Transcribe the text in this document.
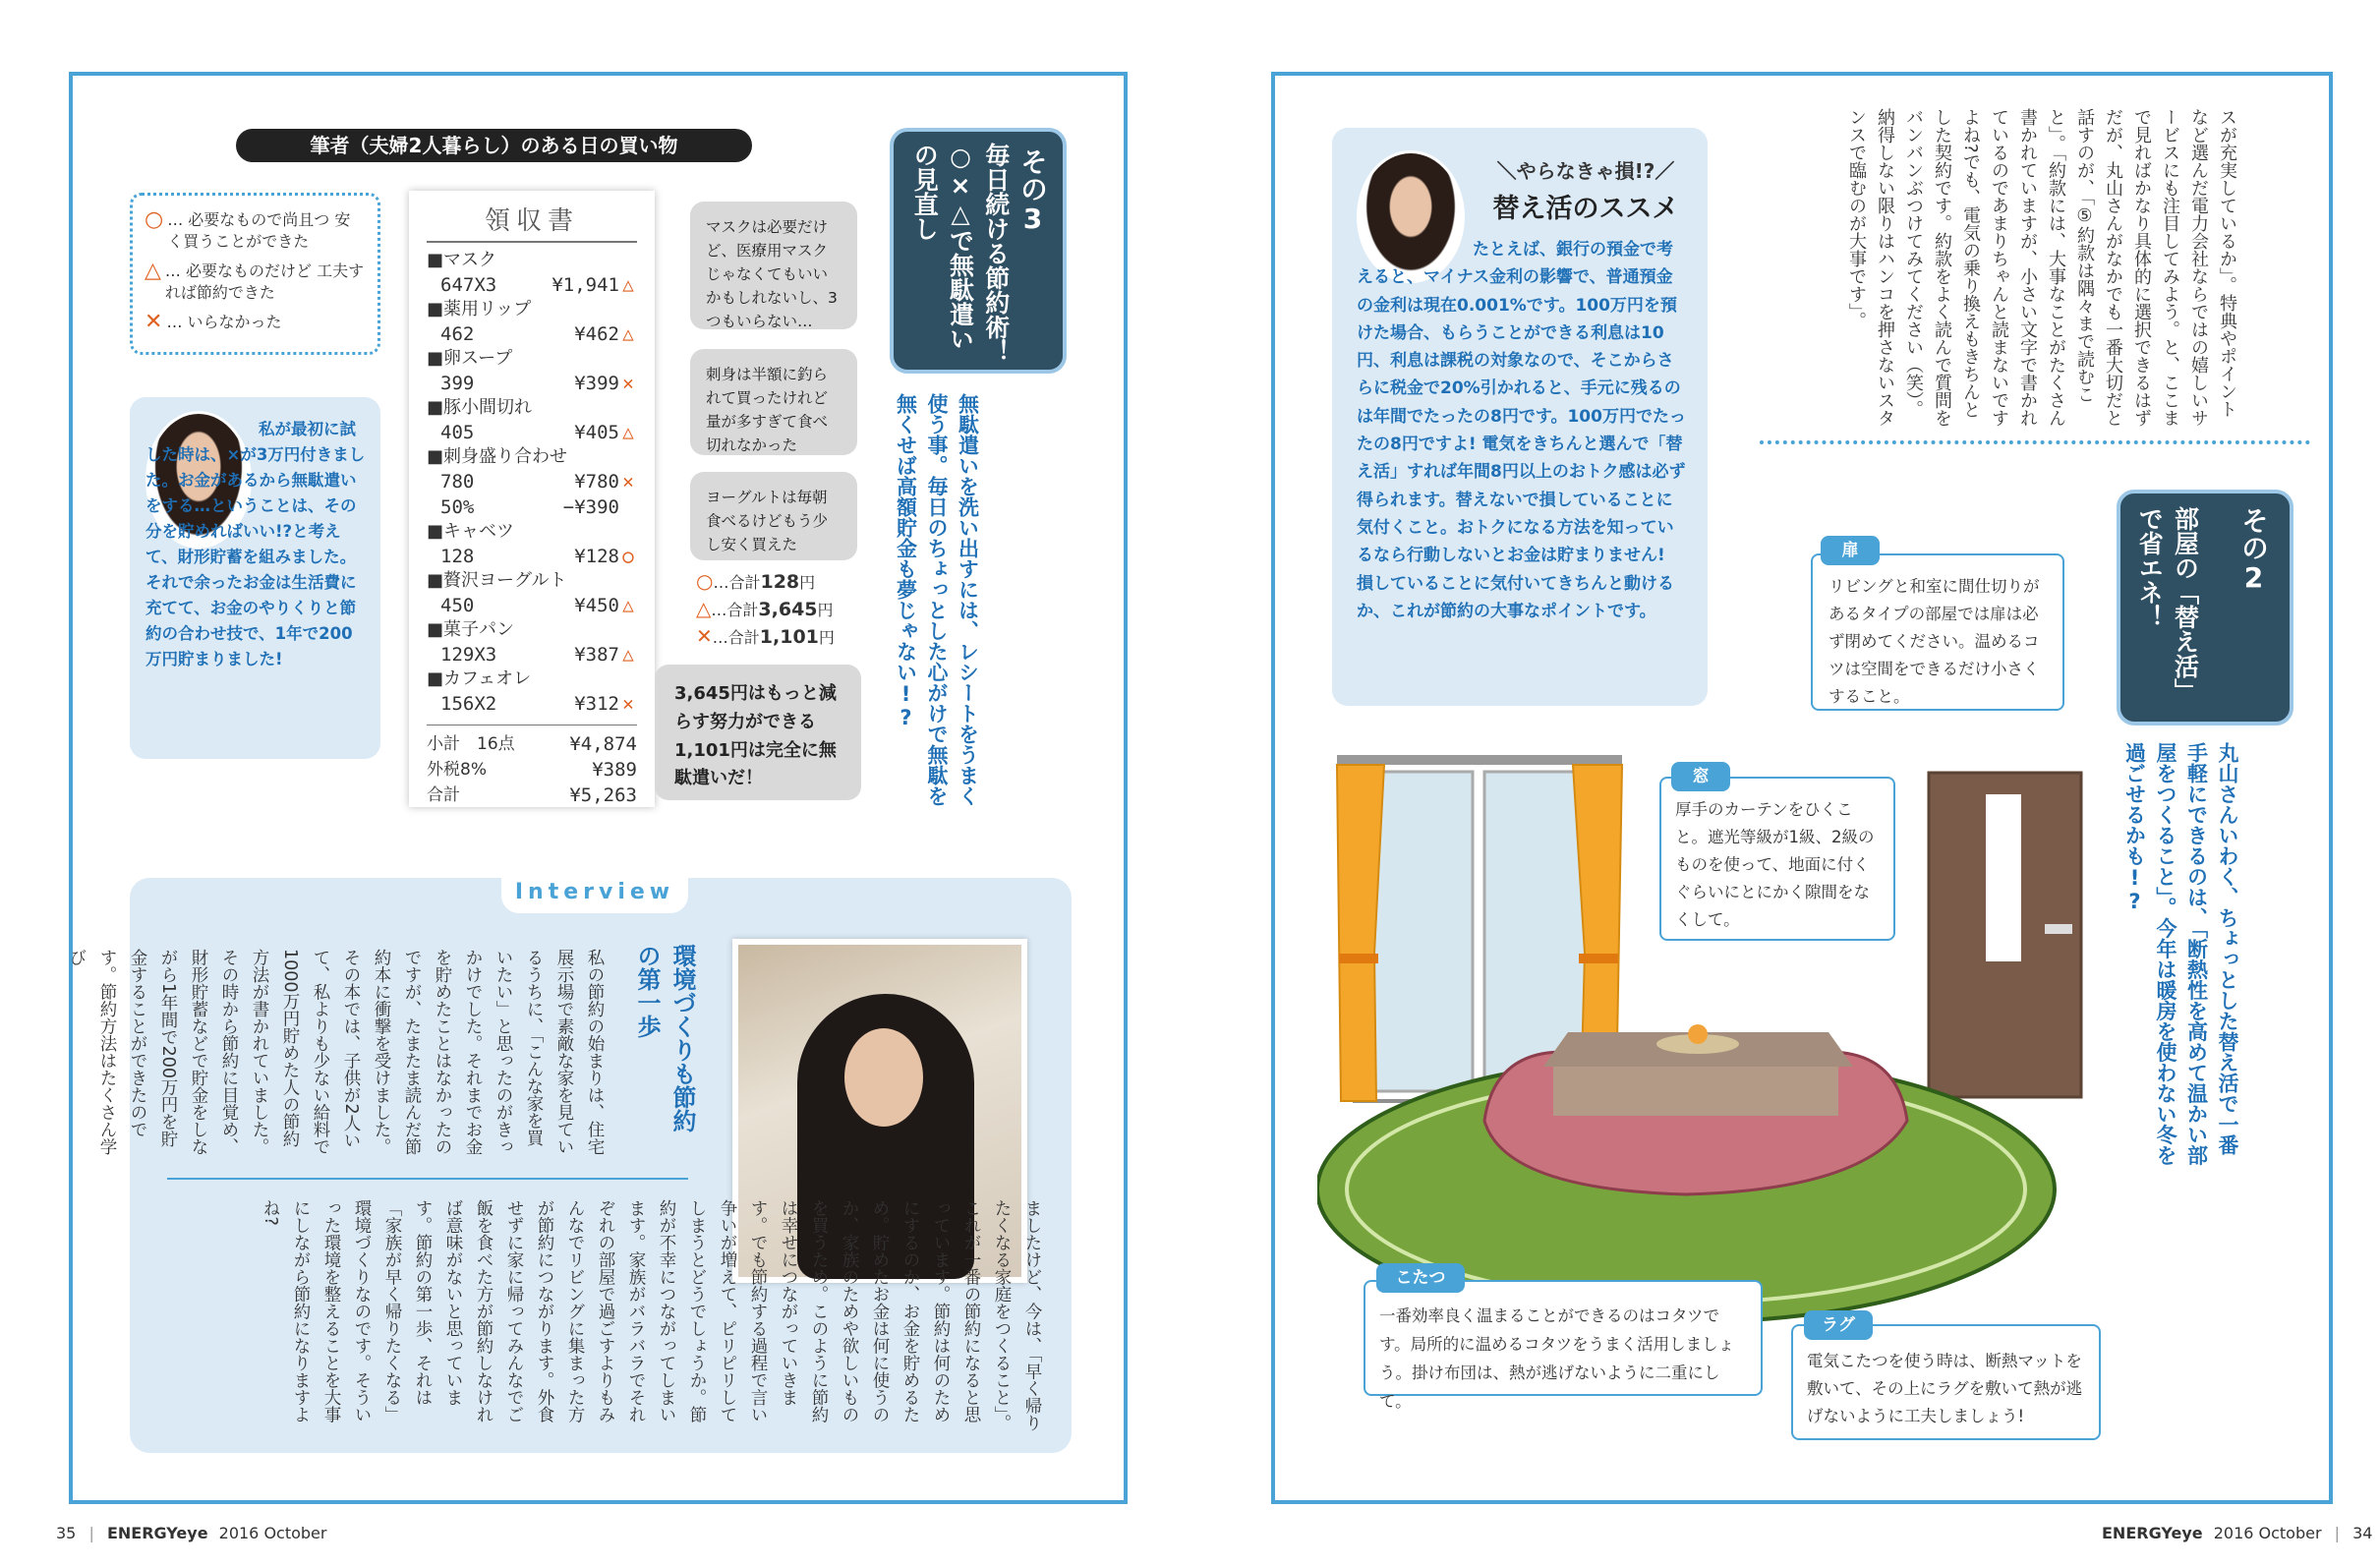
筆者（夫婦2人暮らし）のある日の買い物
○ … 必要なもので尚且つ 安く買うことができた
△ … 必要なものだけど 工夫すれば節約できた
✕ … いらなかった
私が最初に試した時は、×が3万円付きました。お金があるから無駄遣いをする…ということは、その分を貯めればいい!?と考えて、財形貯蓄を組みました。それで余ったお金は生活費に充てて、お金のやりくりと節約の合わせ技で、1年で200万円貯まりました!
領収書
■マスク
647X3	¥1,941 △
■薬用リップ
462	¥462 △
■卵スープ
399	¥399 ✕
■豚小間切れ
405	¥405 △
■刺身盛り合わせ
780	¥780 ✕
50%	−¥390
■キャベツ
128	¥128 ○
■贅沢ヨーグルト
450	¥450 △
■菓子パン
129X3	¥387 △
■カフェオレ
156X2	¥312 ✕
小計　16点	¥4,874
外税8%	¥389
合計	¥5,263
マスクは必要だけど、医療用マスクじゃなくてもいいかもしれないし、3つもいらない…
刺身は半額に釣られて買ったけれど量が多すぎて食べ切れなかった
ヨーグルトは毎朝食べるけどもう少し安く買えた
○…合計128円
△…合計3,645円
✕…合計1,101円
3,645円はもっと減らす努力ができる 1,101円は完全に無駄遣いだ！
その3
毎日続ける節約術！○×△で無駄遣いの見直し
無駄遣いを洗い出すには、レシートをうまく使う事。毎日のちょっとした心がけで無駄を無くせば高額貯金も夢じゃない!?
Interview
環境づくりも節約の第一歩
私の節約の始まりは、住宅展示場で素敵な家を見ているうちに、「こんな家を買いたい」と思ったのがきっかけでした。それまでお金を貯めたことはなかったのですが、たまたま読んだ節約本に衝撃を受けました。その本では、子供が2人いて、私よりも少ない給料で1000万円貯めた人の節約方法が書かれていました。その時から節約に目覚め、財形貯蓄などで貯金をしながら1年間で200万円を貯金することができたのです。節約方法はたくさん学び
ましたけど、今は、「早く帰りたくなる家庭をつくること」。これが一番の節約になると思っています。節約は何のためにするのか、お金を貯めるため。貯めたお金は何に使うのか、家族のためや欲しいものを買うため。このように節約は幸せにつながっていきます。でも節約する過程で言い争いが増えて、ピリピリしてしまうとどうでしょうか。節約が不幸につながってしまいます。家族がバラバラでそれぞれの部屋で過ごすよりもみんなでリビングに集まった方が節約につながります。外食せずに家に帰ってみんなでご飯を食べた方が節約しなければ意味がないと思っています。節約の第一歩、それは「家族が早く帰りたくなる」環境づくりなのです。そういった環境を整えることを大事にしながら節約になりますよね?
35 | ENERGYeye 2016 October
スが充実しているか」。特典やポイントなど選んだ電力会社ならではの嬉しいサービスにも注目してみよう。と、ここまで見ればかなり具体的に選択できるはずだが、丸山さんがなかでも一番大切だと話すのが、「⑤約款は隅々まで読むこと」。「約款には、大事なことがたくさん書かれていますが、小さい文字で書かれているのであまりちゃんと読まないですよね?でも、電気の乗り換えもきちんとした契約です。約款をよく読んで質問をバンバンぶつけてみてください（笑）。納得しない限りはハンコを押さないスタンスで臨むのが大事です」。
＼やらなきゃ損!?／
替え活のススメ
たとえば、銀行の預金で考えると、マイナス金利の影響で、普通預金の金利は現在0.001%です。100万円を預けた場合、もらうことができる利息は10円、利息は課税の対象なので、そこからさらに税金で20%引かれると、手元に残るのは年間でたったの8円です。100万円でたったの8円ですよ! 電気をきちんと選んで「替え活」すれば年間8円以上のおトク感は必ず得られます。替えないで損していることに気付くこと。おトクになる方法を知っているなら行動しないとお金は貯まりません! 損していることに気付いてきちんと動けるか、これが節約の大事なポイントです。
その2
部屋の「替え活」で省エネ！
丸山さんいわく、ちょっとした替え活で一番手軽にできるのは、「断熱性を高めて温かい部屋をつくること」。今年は暖房を使わない冬を過ごせるかも!?
リビングと和室に間仕切りがあるタイプの部屋では扉は必ず閉めてください。温めるコツは空間をできるだけ小さくすること。
扉
厚手のカーテンをひくこと。遮光等級が1級、2級のものを使って、地面に付くぐらいにとにかく隙間をなくして。
窓
一番効率良く温まることができるのはコタツです。局所的に温めるコタツをうまく活用しましょう。掛け布団は、熱が逃げないように二重にして。
こたつ
電気こたつを使う時は、断熱マットを敷いて、その上にラグを敷いて熱が逃げないように工夫しましょう!
ラグ
ENERGYeye 2016 October | 34
